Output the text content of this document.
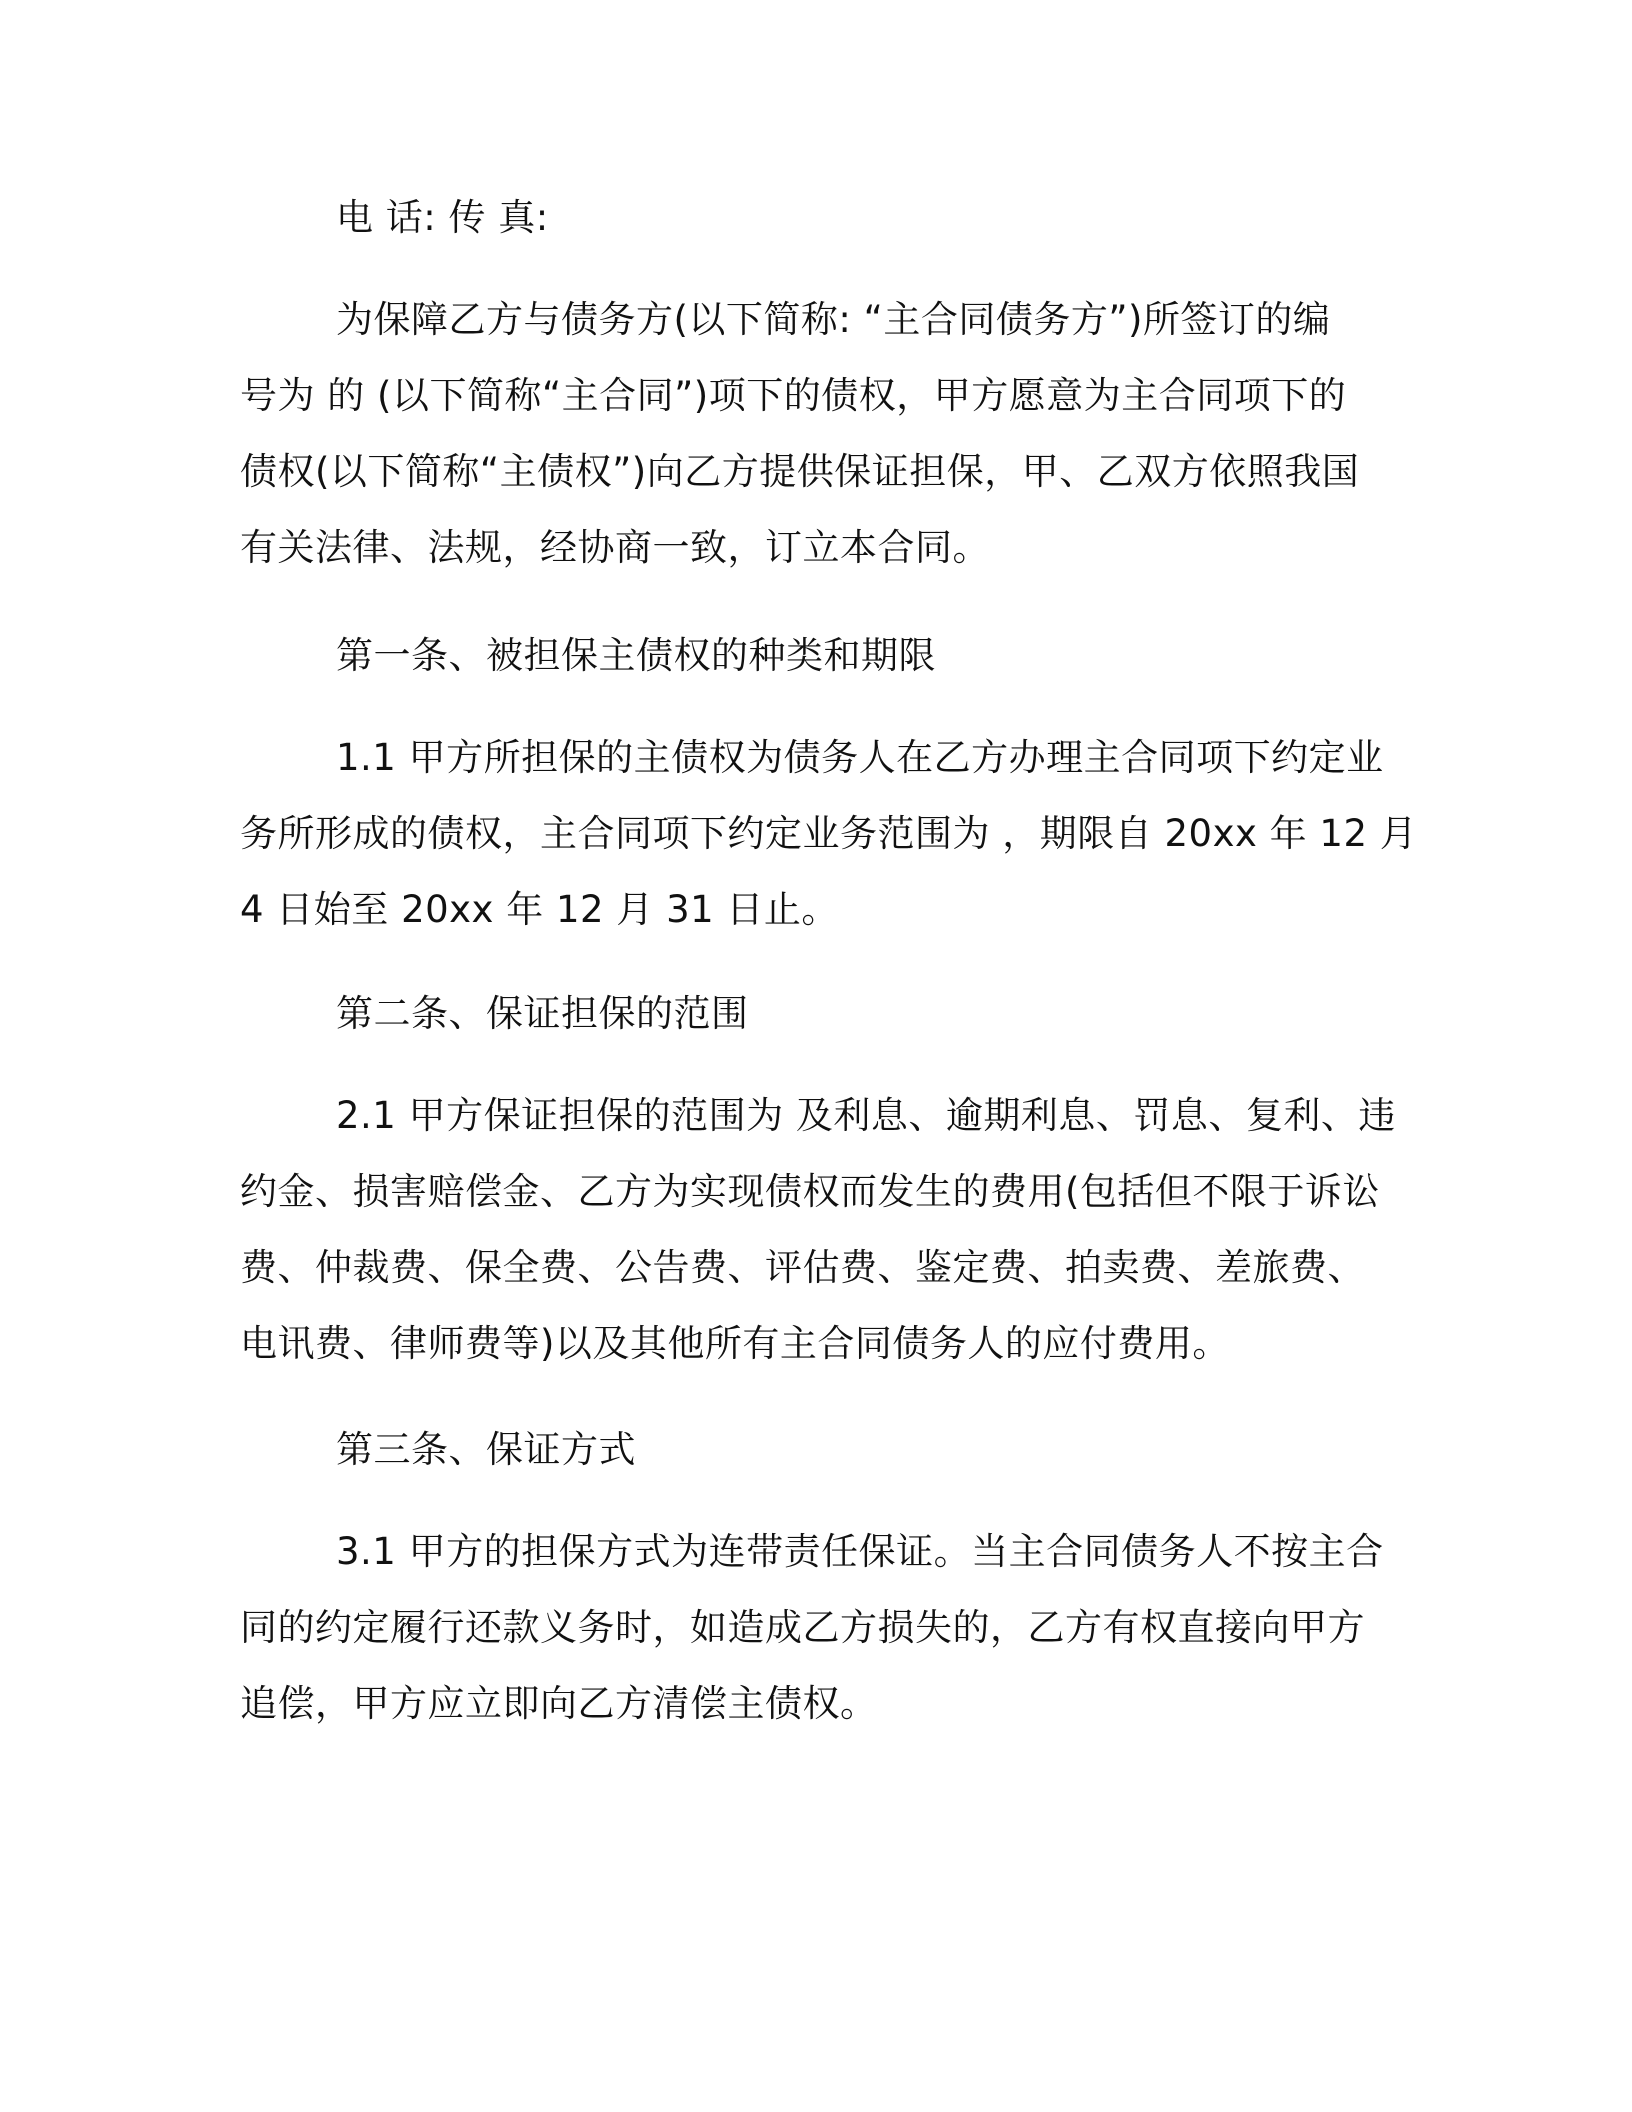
电 话: 传 真:

为保障乙方与债务方(以下简称: “主合同债务方”)所签订的编
号为 的 (以下简称“主合同”)项下的债权，甲方愿意为主合同项下的
债权(以下简称“主债权”)向乙方提供保证担保，甲、乙双方依照我国
有关法律、法规，经协商一致，订立本合同。

第一条、被担保主债权的种类和期限

1.1 甲方所担保的主债权为债务人在乙方办理主合同项下约定业
务所形成的债权，主合同项下约定业务范围为 ，期限自 20xx 年 12 月
4 日始至 20xx 年 12 月 31 日止。

第二条、保证担保的范围

2.1 甲方保证担保的范围为 及利息、逾期利息、罚息、复利、违
约金、损害赔偿金、乙方为实现债权而发生的费用(包括但不限于诉讼
费、仲裁费、保全费、公告费、评估费、鉴定费、拍卖费、差旅费、
电讯费、律师费等)以及其他所有主合同债务人的应付费用。

第三条、保证方式

3.1 甲方的担保方式为连带责任保证。当主合同债务人不按主合
同的约定履行还款义务时，如造成乙方损失的，乙方有权直接向甲方
追偿，甲方应立即向乙方清偿主债权。
